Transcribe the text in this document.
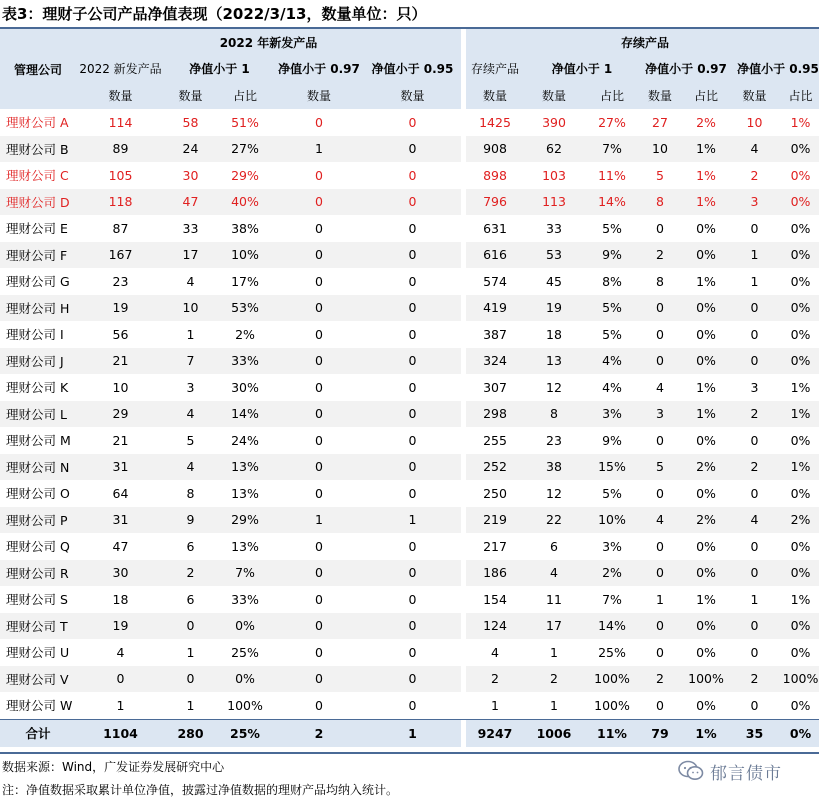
表3：理财子公司产品净值表现（2022/3/13，数量单位：只）
管理公司	2022 年新发产品						存续产品						
	2022 新发产品	净值小于 1		净值小于 0.97	净值小于 0.95		存续产品	净值小于 1		净值小于 0.97		净值小于 0.95	
	数量	数量	占比	数量	数量		数量	数量	占比	数量	占比	数量	占比
理财公司 A	114	58	51%	0	0		1425	390	27%	27	2%	10	1%
理财公司 B	89	24	27%	1	0		908	62	7%	10	1%	4	0%
理财公司 C	105	30	29%	0	0		898	103	11%	5	1%	2	0%
理财公司 D	118	47	40%	0	0		796	113	14%	8	1%	3	0%
理财公司 E	87	33	38%	0	0		631	33	5%	0	0%	0	0%
理财公司 F	167	17	10%	0	0		616	53	9%	2	0%	1	0%
理财公司 G	23	4	17%	0	0		574	45	8%	8	1%	1	0%
理财公司 H	19	10	53%	0	0		419	19	5%	0	0%	0	0%
理财公司 I	56	1	2%	0	0		387	18	5%	0	0%	0	0%
理财公司 J	21	7	33%	0	0		324	13	4%	0	0%	0	0%
理财公司 K	10	3	30%	0	0		307	12	4%	4	1%	3	1%
理财公司 L	29	4	14%	0	0		298	8	3%	3	1%	2	1%
理财公司 M	21	5	24%	0	0		255	23	9%	0	0%	0	0%
理财公司 N	31	4	13%	0	0		252	38	15%	5	2%	2	1%
理财公司 O	64	8	13%	0	0		250	12	5%	0	0%	0	0%
理财公司 P	31	9	29%	1	1		219	22	10%	4	2%	4	2%
理财公司 Q	47	6	13%	0	0		217	6	3%	0	0%	0	0%
理财公司 R	30	2	7%	0	0		186	4	2%	0	0%	0	0%
理财公司 S	18	6	33%	0	0		154	11	7%	1	1%	1	1%
理财公司 T	19	0	0%	0	0		124	17	14%	0	0%	0	0%
理财公司 U	4	1	25%	0	0		4	1	25%	0	0%	0	0%
理财公司 V	0	0	0%	0	0		2	2	100%	2	100%	2	100%
理财公司 W	1	1	100%	0	0		1	1	100%	0	0%	0	0%
合计	1104	280	25%	2	1		9247	1006	11%	79	1%	35	0%
数据来源：Wind，广发证券发展研究中心
注：净值数据采取累计单位净值，披露过净值数据的理财产品均纳入统计。
郁言债市
